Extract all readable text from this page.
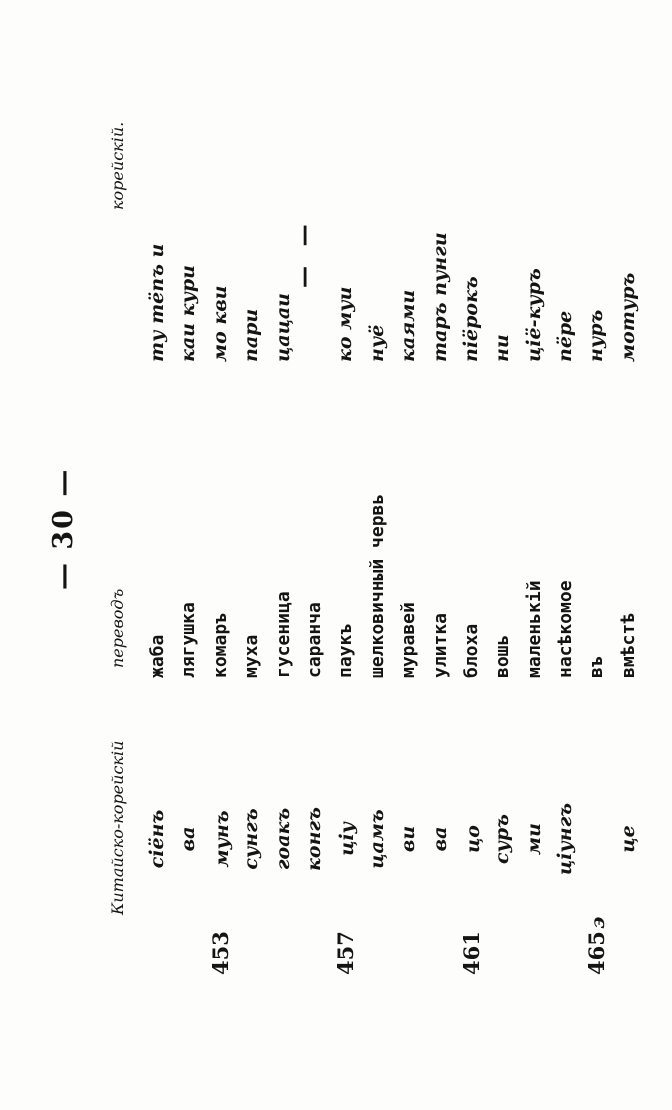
— 30 —
Китайско-корейскій
переводъ
корейскій.
сіёнъ ва
453мунъ сунгъ гоакъ конгъ
457цiу цамъ ви ва
461цо суръ ми ціунгъ
465э
це
жаба лягушка комаръ муха гусеница саранча паукъ шелковичный червь муравей улитка блоха вошь маленькій насѣкомое въ вмѣстѣ
ту тёпъ и каи кури мо кви пари цацаи ко муи нуё каями таръ пунги піёрокъ ни ціё-куръ пёре нуръ мотуръ
— —
